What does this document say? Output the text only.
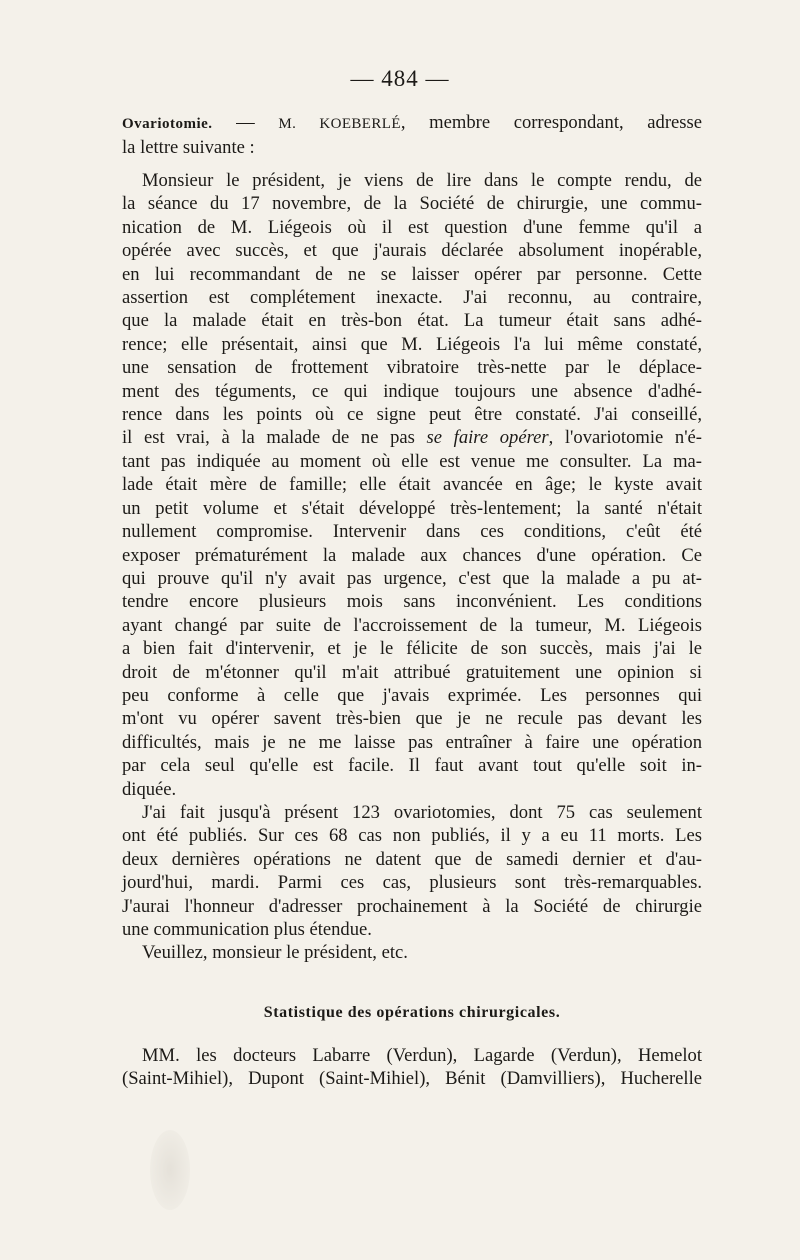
— 484 —
Ovariotomie. — M. KOEBERLÉ, membre correspondant, adresse
la lettre suivante :
Monsieur le président, je viens de lire dans le compte rendu, de
la séance du 17 novembre, de la Société de chirurgie, une commu-
nication de M. Liégeois où il est question d'une femme qu'il a
opérée avec succès, et que j'aurais déclarée absolument inopérable,
en lui recommandant de ne se laisser opérer par personne. Cette
assertion est complétement inexacte. J'ai reconnu, au contraire,
que la malade était en très-bon état. La tumeur était sans adhé-
rence; elle présentait, ainsi que M. Liégeois l'a lui même constaté,
une sensation de frottement vibratoire très-nette par le déplace-
ment des téguments, ce qui indique toujours une absence d'adhé-
rence dans les points où ce signe peut être constaté. J'ai conseillé,
il est vrai, à la malade de ne pas se faire opérer, l'ovariotomie n'é-
tant pas indiquée au moment où elle est venue me consulter. La ma-
lade était mère de famille; elle était avancée en âge; le kyste avait
un petit volume et s'était développé très-lentement; la santé n'était
nullement compromise. Intervenir dans ces conditions, c'eût été
exposer prématurément la malade aux chances d'une opération. Ce
qui prouve qu'il n'y avait pas urgence, c'est que la malade a pu at-
tendre encore plusieurs mois sans inconvénient. Les conditions
ayant changé par suite de l'accroissement de la tumeur, M. Liégeois
a bien fait d'intervenir, et je le félicite de son succès, mais j'ai le
droit de m'étonner qu'il m'ait attribué gratuitement une opinion si
peu conforme à celle que j'avais exprimée. Les personnes qui
m'ont vu opérer savent très-bien que je ne recule pas devant les
difficultés, mais je ne me laisse pas entraîner à faire une opération
par cela seul qu'elle est facile. Il faut avant tout qu'elle soit in-
diquée.
J'ai fait jusqu'à présent 123 ovariotomies, dont 75 cas seulement
ont été publiés. Sur ces 68 cas non publiés, il y a eu 11 morts. Les
deux dernières opérations ne datent que de samedi dernier et d'au-
jourd'hui, mardi. Parmi ces cas, plusieurs sont très-remarquables.
J'aurai l'honneur d'adresser prochainement à la Société de chirurgie
une communication plus étendue.
Veuillez, monsieur le président, etc.
Statistique des opérations chirurgicales.
MM. les docteurs Labarre (Verdun), Lagarde (Verdun), Hemelot
(Saint-Mihiel), Dupont (Saint-Mihiel), Bénit (Damvilliers), Hucherelle
